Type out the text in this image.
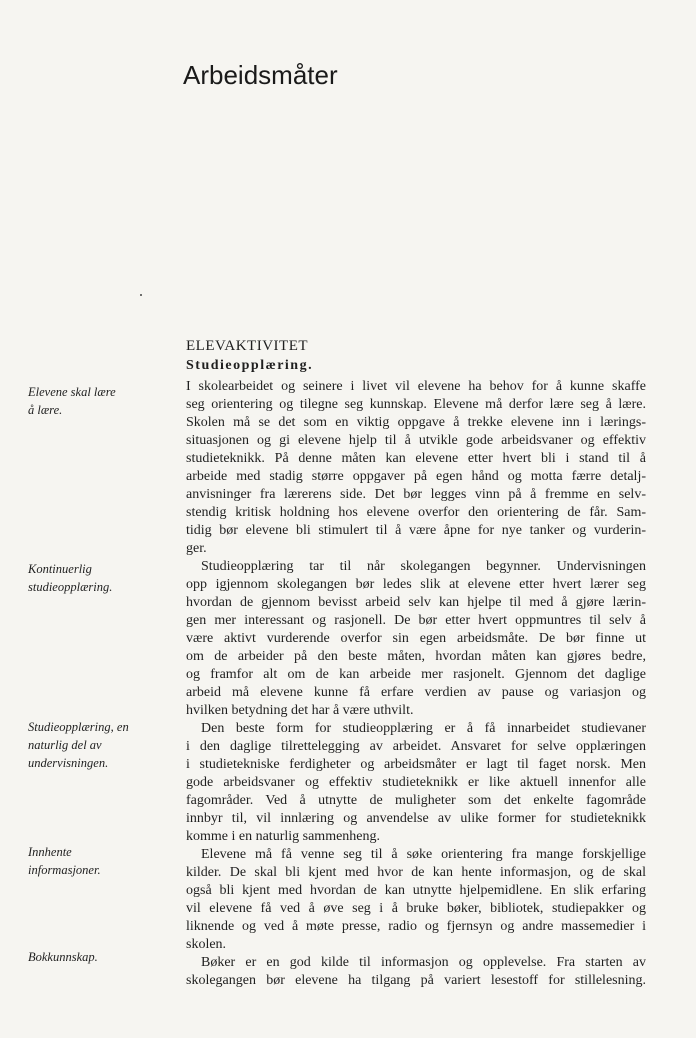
Arbeidsmåter
ELEVAKTIVITET
Studieopplæring.
Elevene skal lære
å lære.
Kontinuerlig
studieopplæring.
Studieopplæring, en
naturlig del av
undervisningen.
Innhente
informasjoner.
Bokkunnskap.
I skolearbeidet og seinere i livet vil elevene ha behov for å kunne skaffe
seg orientering og tilegne seg kunnskap. Elevene må derfor lære seg å lære.
Skolen må se det som en viktig oppgave å trekke elevene inn i lærings-
situasjonen og gi elevene hjelp til å utvikle gode arbeidsvaner og effektiv
studieteknikk. På denne måten kan elevene etter hvert bli i stand til å
arbeide med stadig større oppgaver på egen hånd og motta færre detalj-
anvisninger fra lærerens side. Det bør legges vinn på å fremme en selv-
stendig kritisk holdning hos elevene overfor den orientering de får. Sam-
tidig bør elevene bli stimulert til å være åpne for nye tanker og vurderin-
ger.
Studieopplæring tar til når skolegangen begynner. Undervisningen
opp igjennom skolegangen bør ledes slik at elevene etter hvert lærer seg
hvordan de gjennom bevisst arbeid selv kan hjelpe til med å gjøre lærin-
gen mer interessant og rasjonell. De bør etter hvert oppmuntres til selv å
være aktivt vurderende overfor sin egen arbeidsmåte. De bør finne ut
om de arbeider på den beste måten, hvordan måten kan gjøres bedre,
og framfor alt om de kan arbeide mer rasjonelt. Gjennom det daglige
arbeid må elevene kunne få erfare verdien av pause og variasjon og
hvilken betydning det har å være uthvilt.
Den beste form for studieopplæring er å få innarbeidet studievaner
i den daglige tilrettelegging av arbeidet. Ansvaret for selve opplæringen
i studietekniske ferdigheter og arbeidsmåter er lagt til faget norsk. Men
gode arbeidsvaner og effektiv studieteknikk er like aktuell innenfor alle
fagområder. Ved å utnytte de muligheter som det enkelte fagområde
innbyr til, vil innlæring og anvendelse av ulike former for studieteknikk
komme i en naturlig sammenheng.
Elevene må få venne seg til å søke orientering fra mange forskjellige
kilder. De skal bli kjent med hvor de kan hente informasjon, og de skal
også bli kjent med hvordan de kan utnytte hjelpemidlene. En slik erfaring
vil elevene få ved å øve seg i å bruke bøker, bibliotek, studiepakker og
liknende og ved å møte presse, radio og fjernsyn og andre massemedier i
skolen.
Bøker er en god kilde til informasjon og opplevelse. Fra starten av
skolegangen bør elevene ha tilgang på variert lesestoff for stillelesning.
